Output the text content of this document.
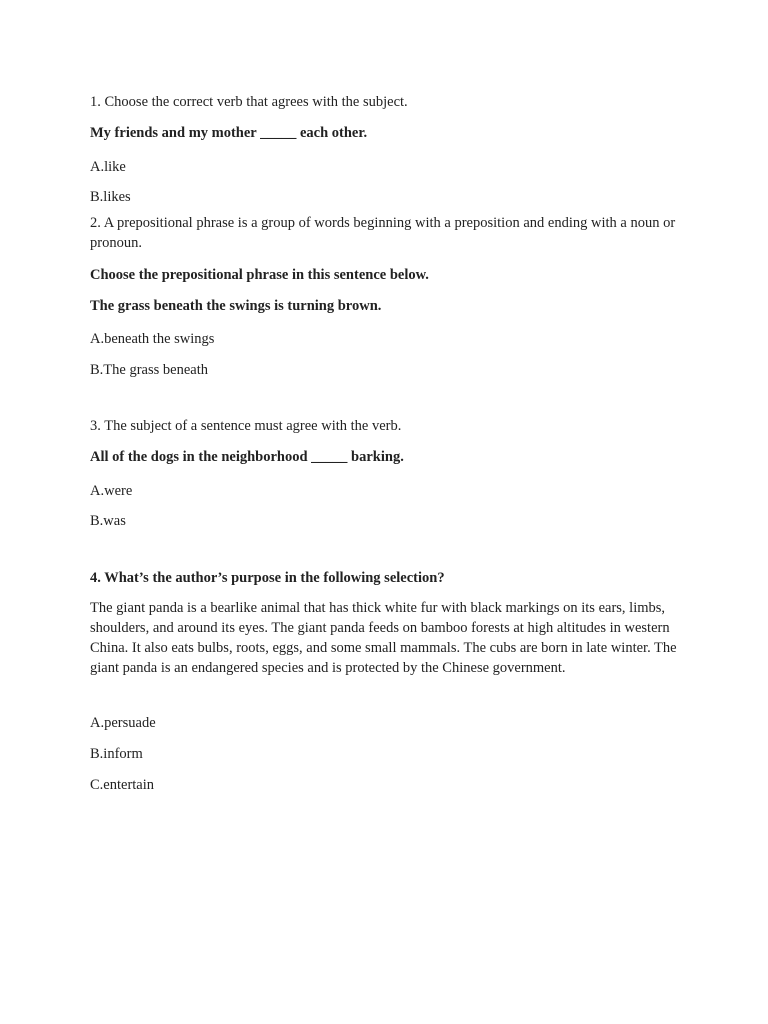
1. Choose the correct verb that agrees with the subject.

My friends and my mother _____ each other.

A.like

B.likes

2. A prepositional phrase is a group of words beginning with a preposition and ending with a noun or pronoun.

Choose the prepositional phrase in this sentence below.

The grass beneath the swings is turning brown.

A.beneath the swings

B.The grass beneath

3. The subject of a sentence must agree with the verb.

All of the dogs in the neighborhood _____ barking.

A.were

B.was

4. What’s the author’s purpose in the following selection?

The giant panda is a bearlike animal that has thick white fur with black markings on its ears, limbs, shoulders, and around its eyes. The giant panda feeds on bamboo forests at high altitudes in western China. It also eats bulbs, roots, eggs, and some small mammals. The cubs are born in late winter. The giant panda is an endangered species and is protected by the Chinese government.

A.persuade

B.inform

C.entertain
